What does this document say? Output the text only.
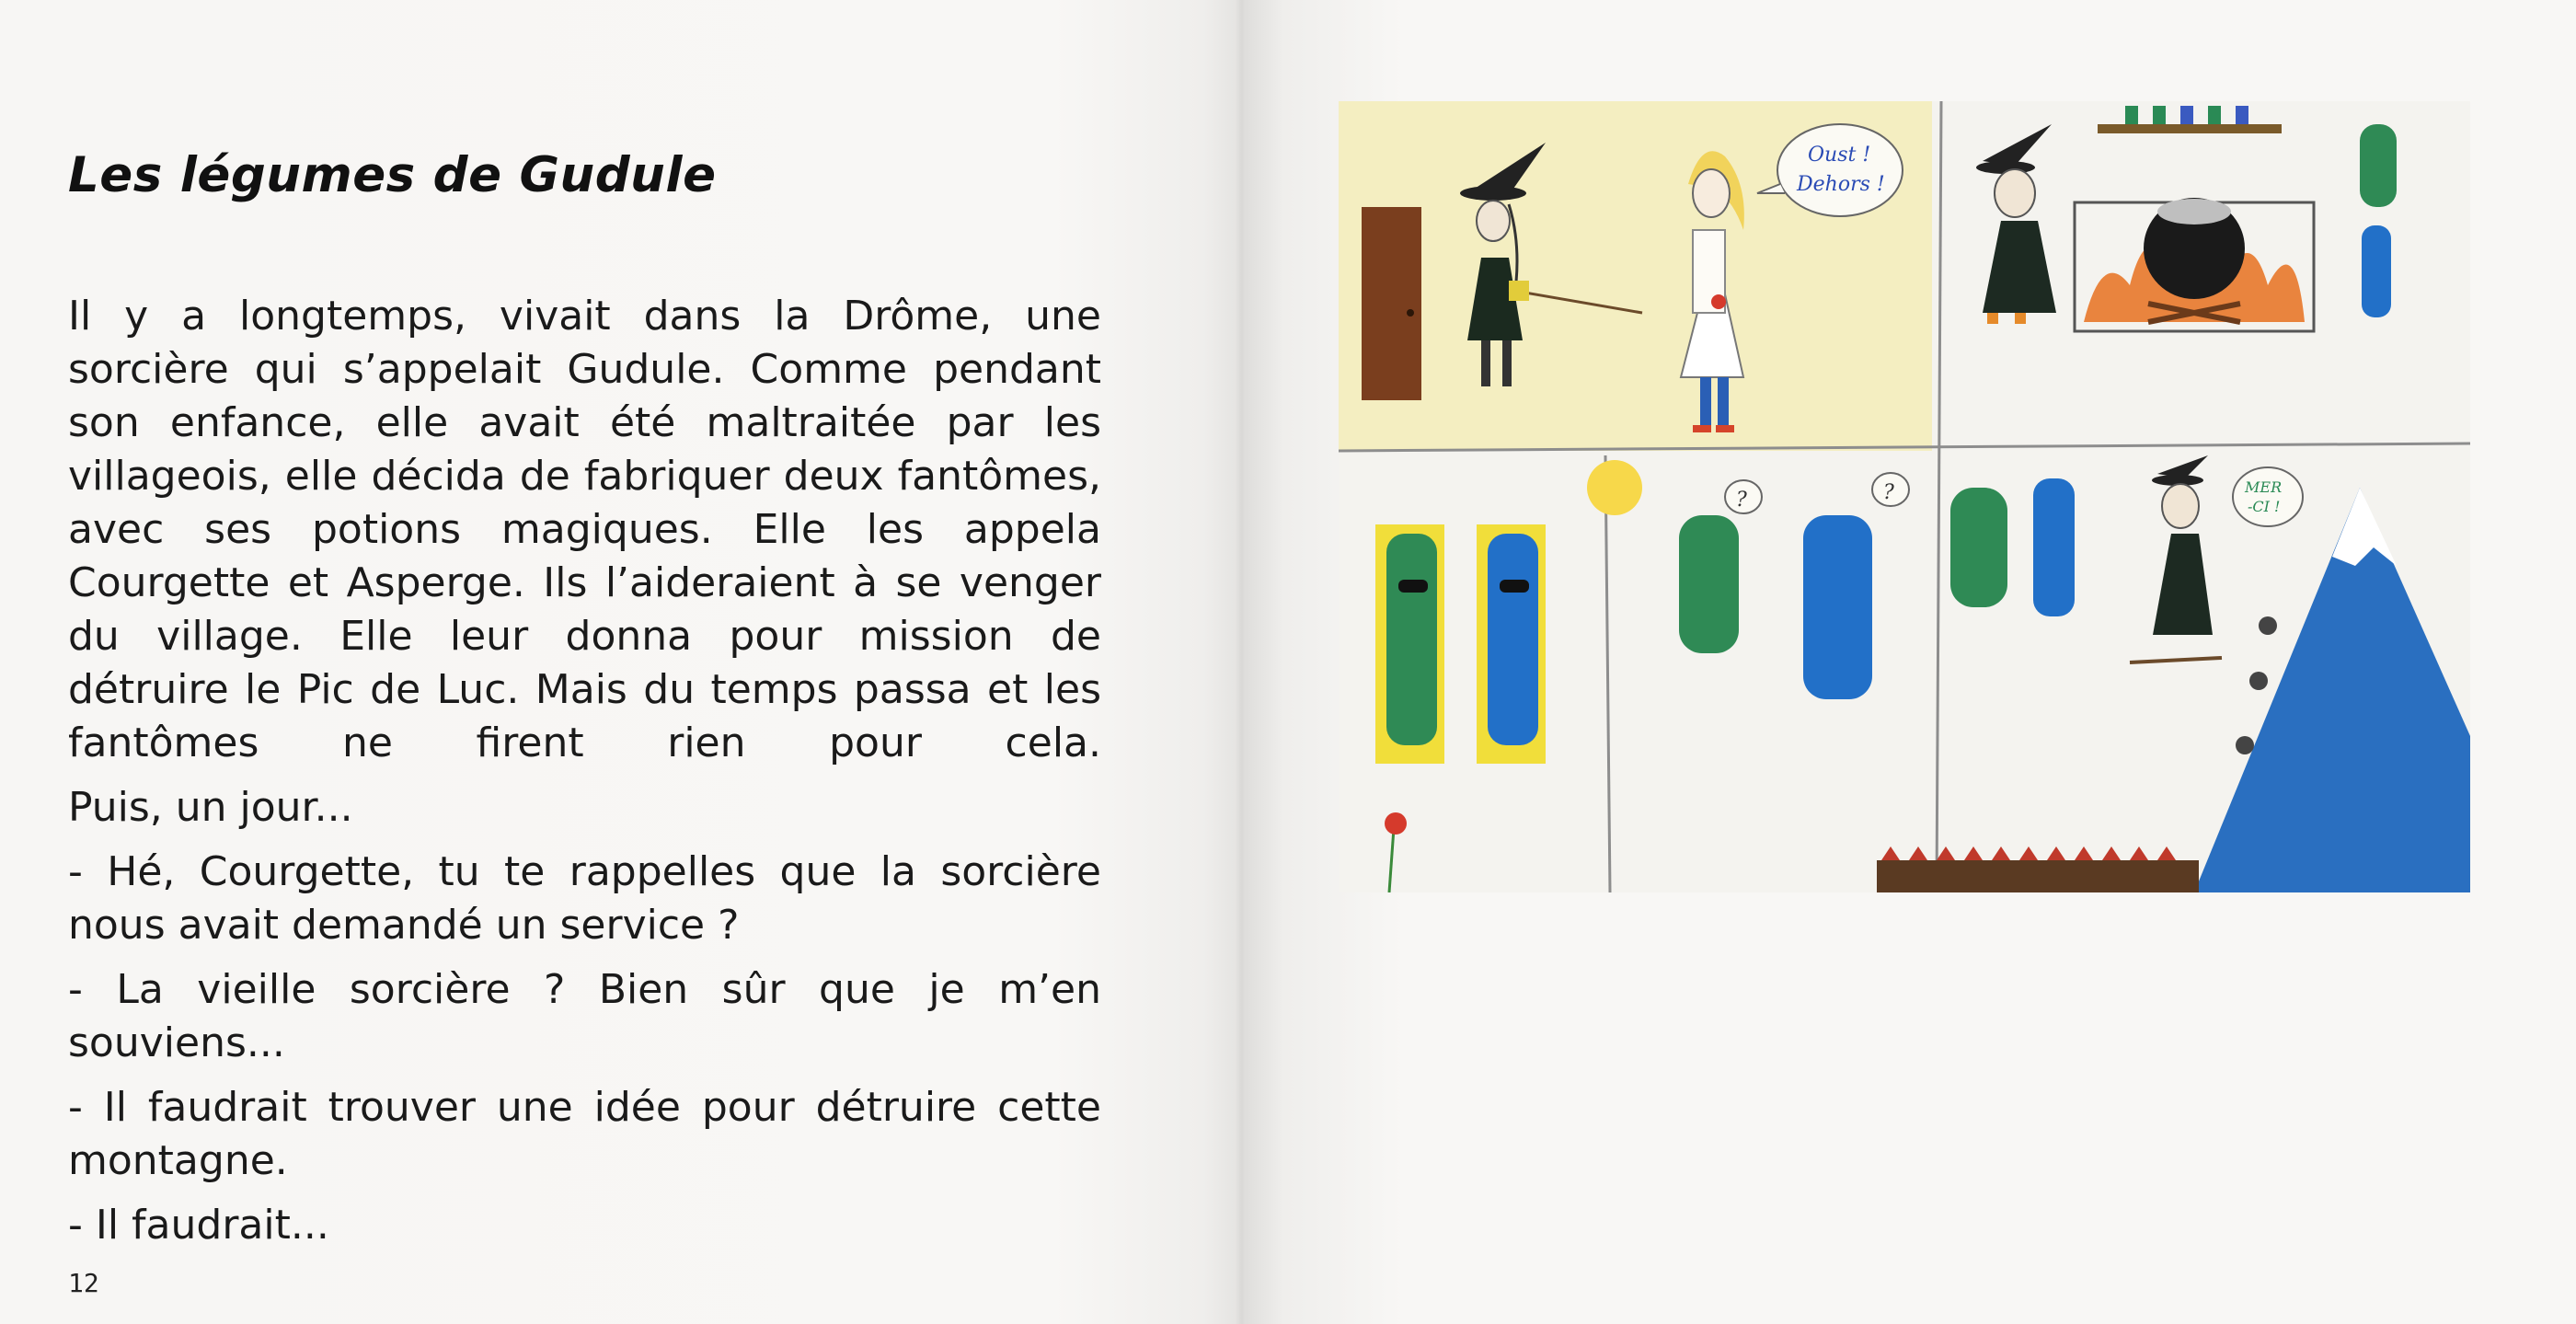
Les légumes de Gudule

Il y a longtemps, vivait dans la Drôme, une sorcière qui s’appelait Gudule. Comme pendant son enfance, elle avait été maltraitée par les villageois, elle décida de fabriquer deux fantômes, avec ses potions magiques. Elle les appela Courgette et Asperge. Ils l’aideraient à se venger du village. Elle leur donna pour mission de détruire le Pic de Luc. Mais du temps passa et les fantômes ne firent rien pour cela.

Puis, un jour...

- Hé, Courgette, tu te rappelles que la sorcière nous avait demandé un service ?

- La vieille sorcière ? Bien sûr que je m’en souviens...

- Il faudrait trouver une idée pour détruire cette montagne.

- Il faudrait...

12
Oust !
Dehors !
?	?	MER
-CI !
